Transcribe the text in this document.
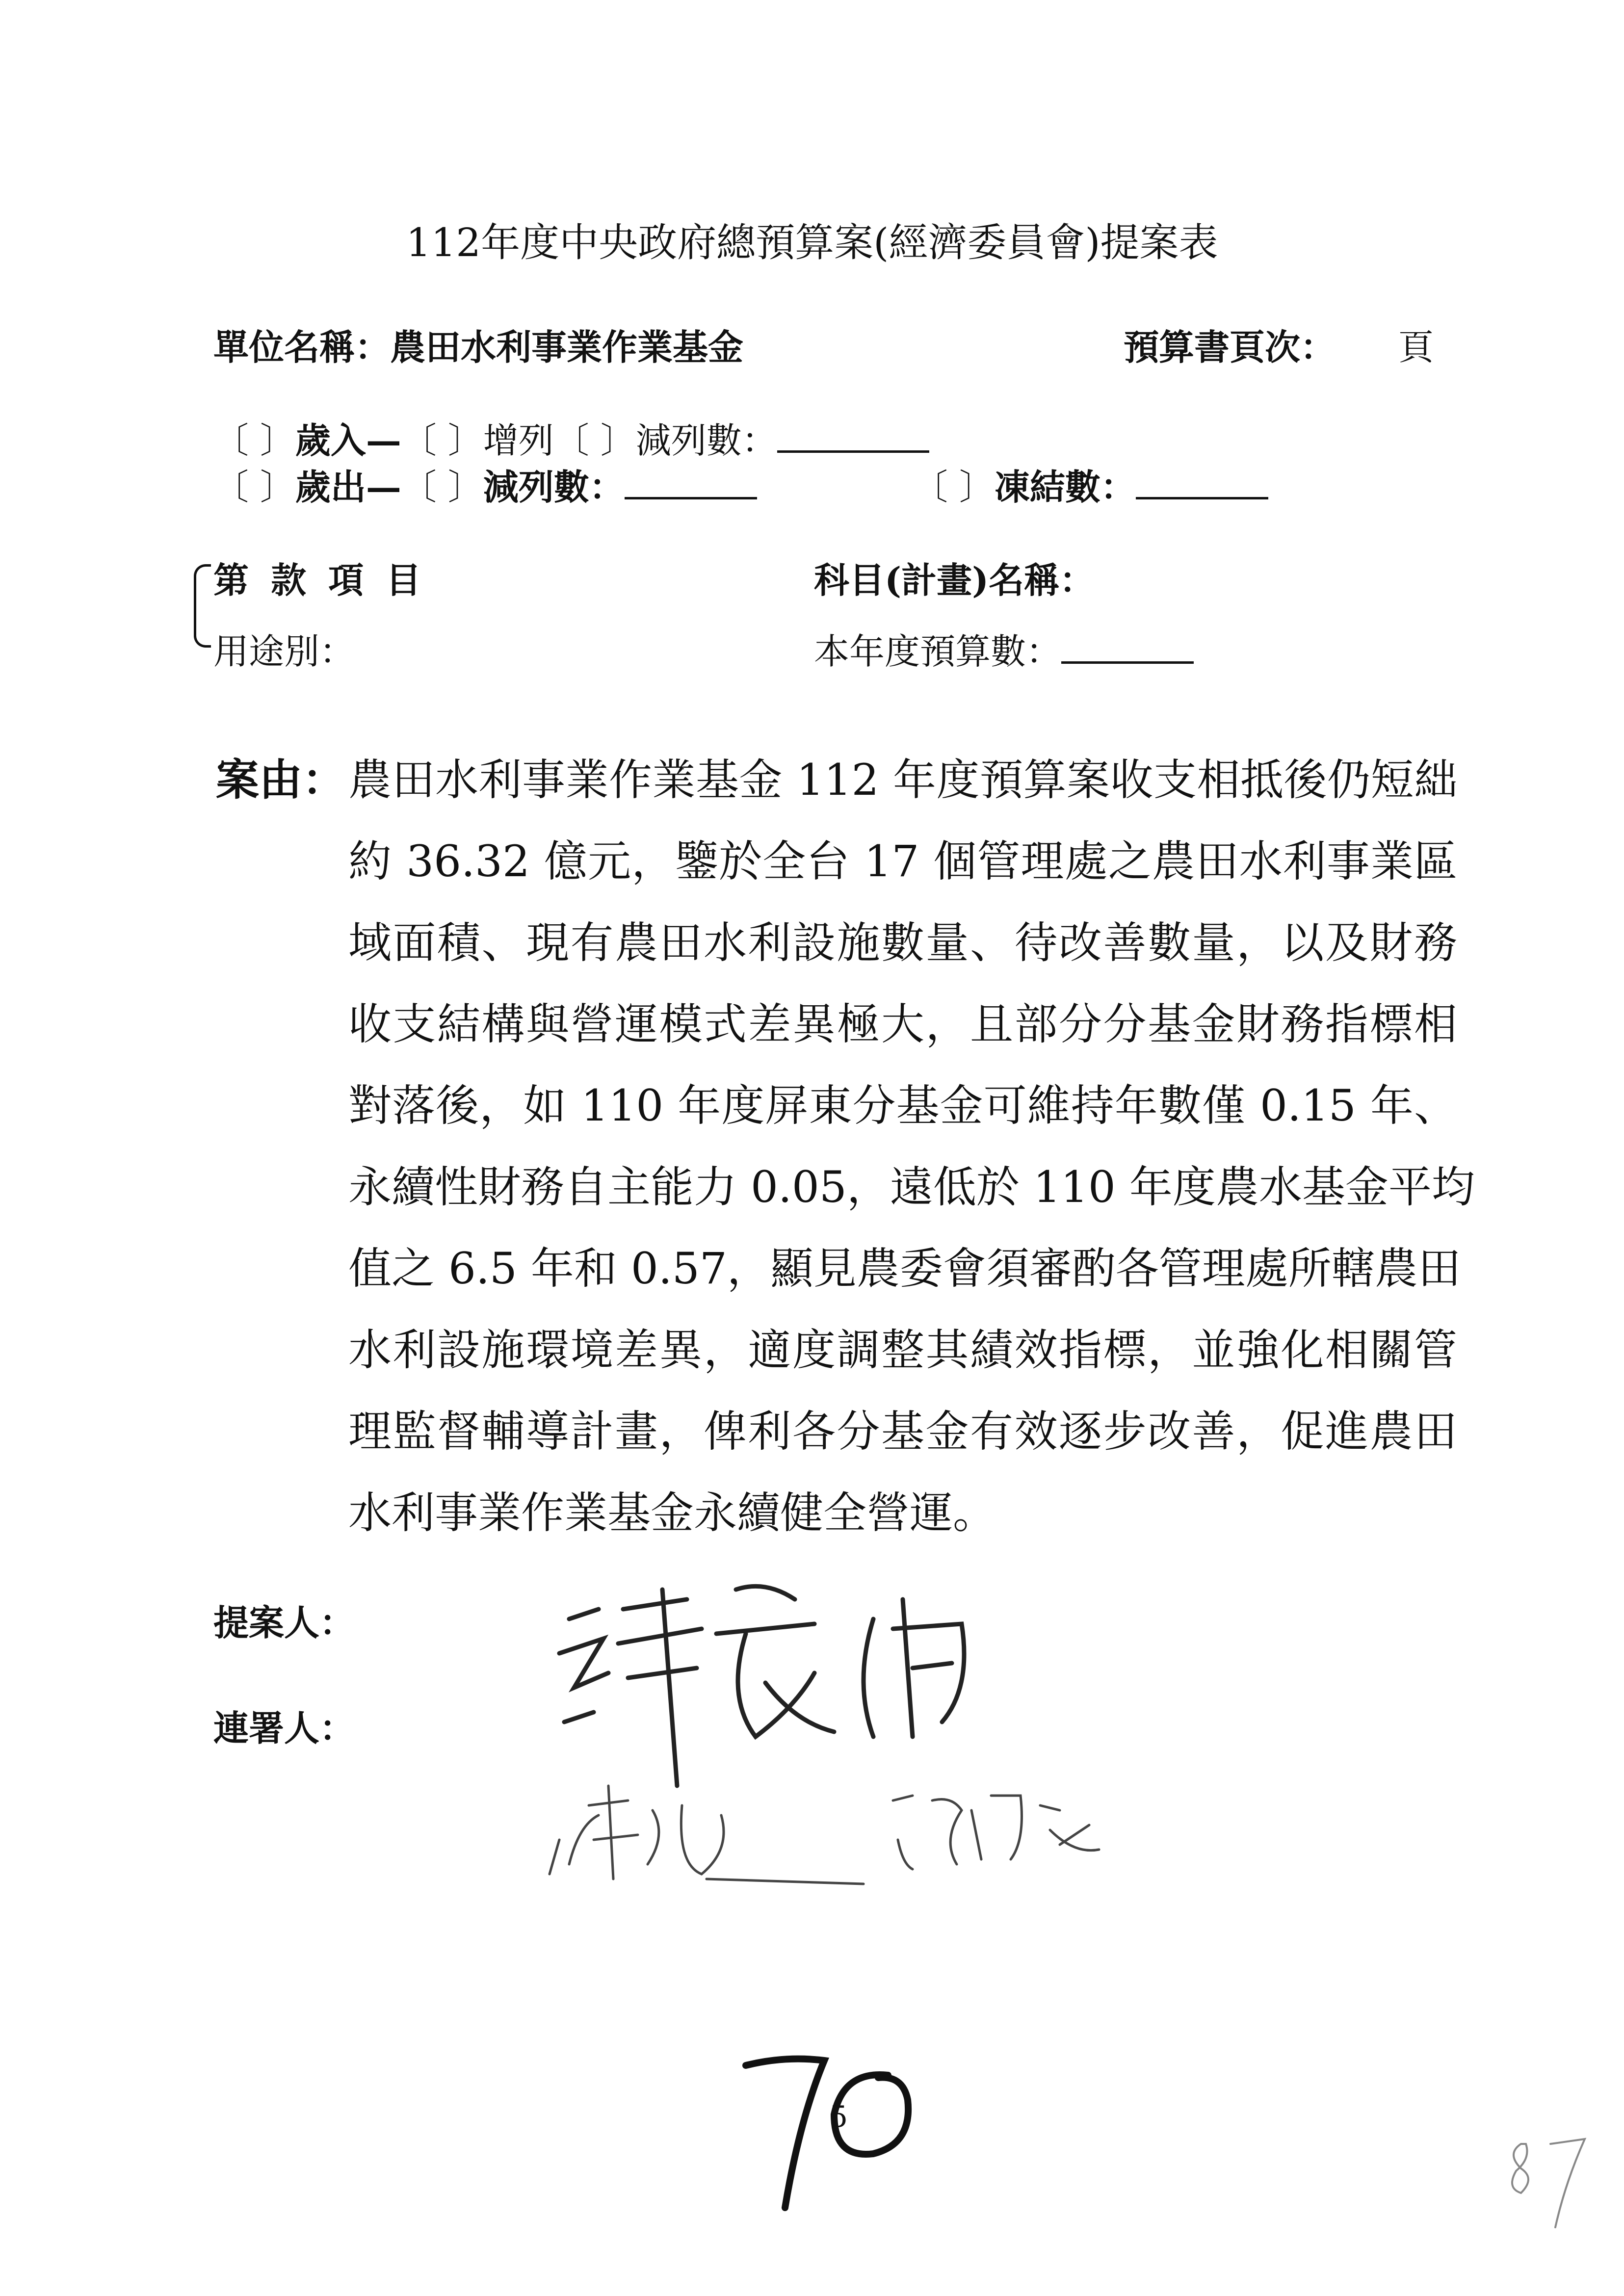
112年度中央政府總預算案(經濟委員會)提案表
單位名稱：農田水利事業作業基金	預算書頁次： 頁
〔 〕歲入—〔 〕增列〔 〕減列數：
〔 〕歲出—〔 〕減列數：	〔 〕凍結數：
第 款 項 目
用途別：
科目(計畫)名稱：
本年度預算數：
案由： 農田水利事業作業基金 112 年度預算案收支相抵後仍短絀
約 36.32 億元，鑒於全台 17 個管理處之農田水利事業區
域面積、現有農田水利設施數量、待改善數量，以及財務
收支結構與營運模式差異極大，且部分分基金財務指標相
對落後，如 110 年度屏東分基金可維持年數僅 0.15 年、
永續性財務自主能力 0.05，遠低於 110 年度農水基金平均
值之 6.5 年和 0.57，顯見農委會須審酌各管理處所轄農田
水利設施環境差異，適度調整其績效指標，並強化相關管
理監督輔導計畫，俾利各分基金有效逐步改善，促進農田
水利事業作業基金永續健全營運。
提案人：
連署人：
5
